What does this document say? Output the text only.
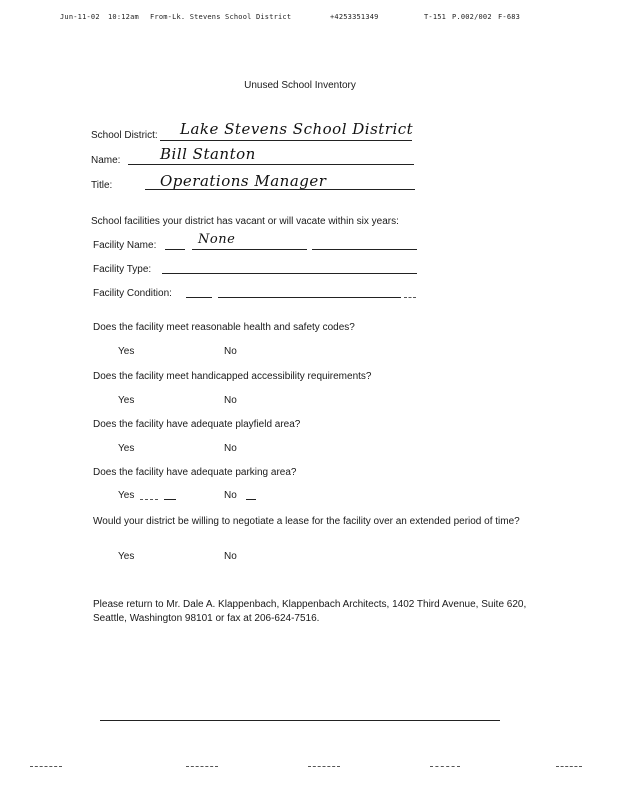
Jun-11-02 10:12am From-Lk. Stevens School District	+4253351349	T-151 P.002/002 F-683
Unused School Inventory
School District: Lake Stevens School District
Name:	Bill Stanton
Title:	Operations Manager
School facilities your district has vacant or will vacate within six years:
Facility Name:	None
Facility Type:
Facility Condition:
Does the facility meet reasonable health and safety codes?
Yes	No
Does the facility meet handicapped accessibility requirements?
Yes	No
Does the facility have adequate playfield area?
Yes	No
Does the facility have adequate parking area?
Yes	No
Would your district be willing to negotiate a lease for the facility over an extended period of time?
Yes	No
Please return to Mr. Dale A. Klappenbach, Klappenbach Architects, 1402 Third Avenue, Suite 620, Seattle, Washington 98101 or fax at 206-624-7516.
